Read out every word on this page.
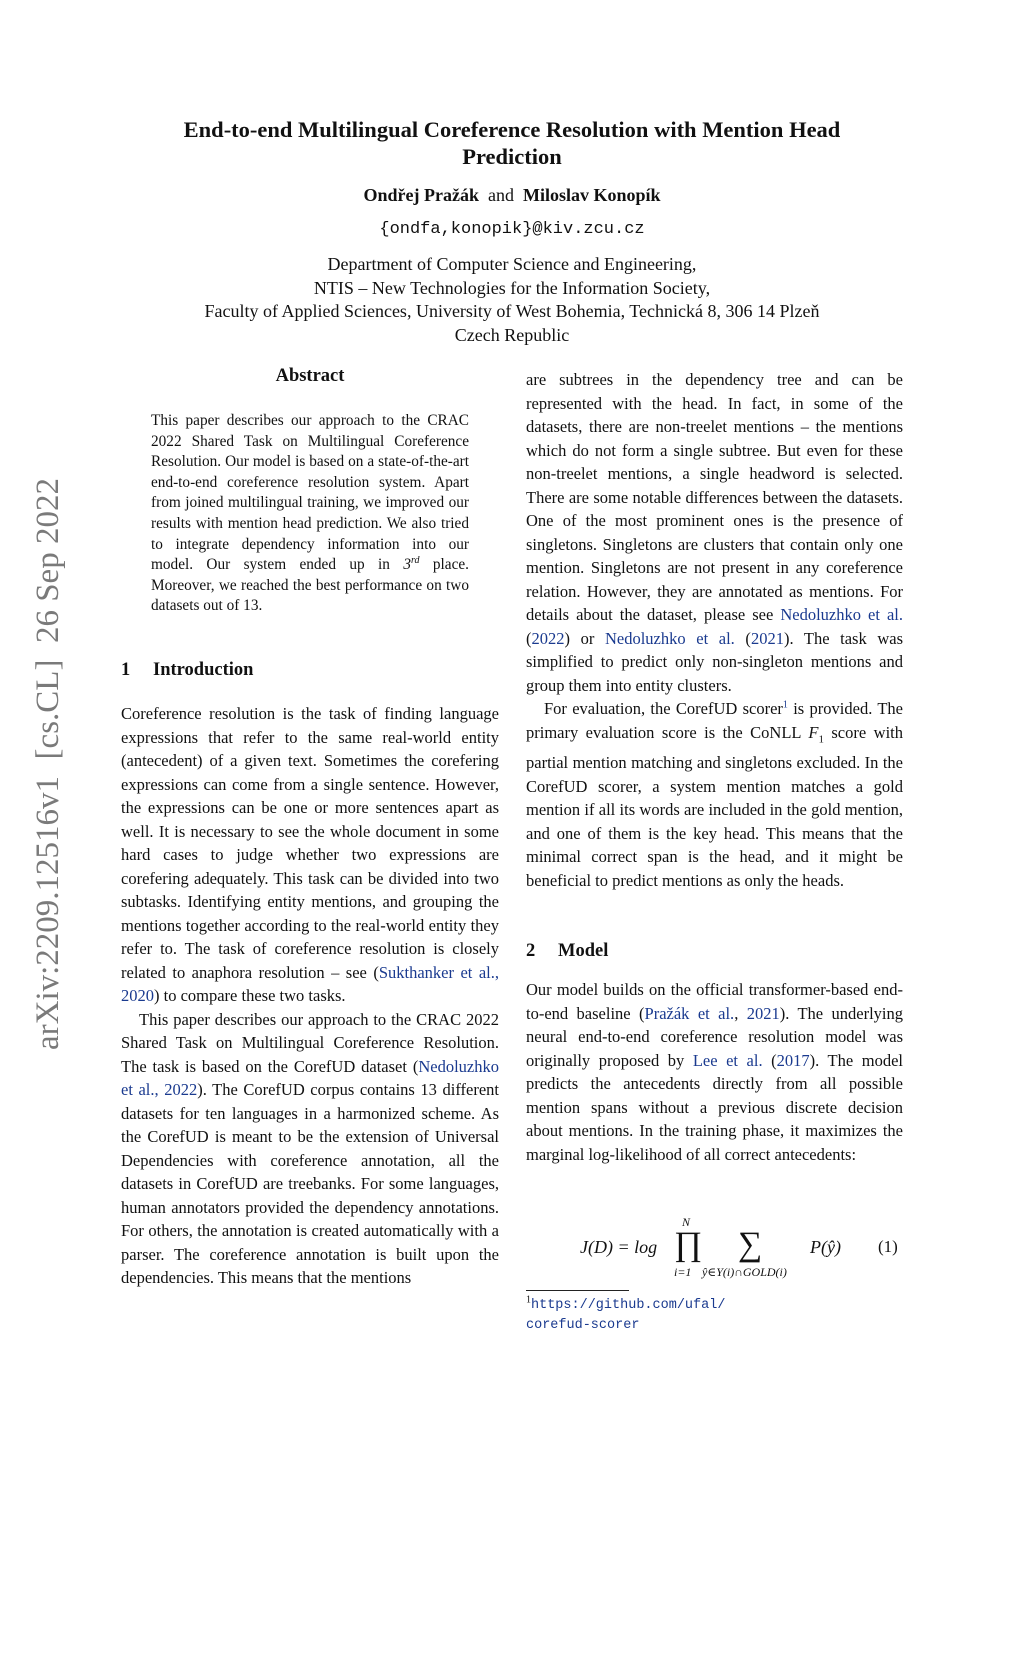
End-to-end Multilingual Coreference Resolution with Mention Head
Prediction
Ondřej Pražák and Miloslav Konopík
{ondfa,konopik}@kiv.zcu.cz
Department of Computer Science and Engineering,
NTIS – New Technologies for the Information Society,
Faculty of Applied Sciences, University of West Bohemia, Technická 8, 306 14 Plzeň
Czech Republic
arXiv:2209.12516v1  [cs.CL]  26 Sep 2022
Abstract
This paper describes our approach to the CRAC 2022 Shared Task on Multilingual Coreference Resolution. Our model is based on a state-of-the-art end-to-end coreference resolution system. Apart from joined multilingual training, we improved our results with mention head prediction. We also tried to integrate dependency information into our model. Our system ended up in 3rd place. Moreover, we reached the best performance on two datasets out of 13.
1 Introduction

Coreference resolution is the task of finding language expressions that refer to the same real-world entity (antecedent) of a given text. Sometimes the corefering expressions can come from a single sentence. However, the expressions can be one or more sentences apart as well. It is necessary to see the whole document in some hard cases to judge whether two expressions are corefering adequately. This task can be divided into two subtasks. Identifying entity mentions, and grouping the mentions together according to the real-world entity they refer to. The task of coreference resolution is closely related to anaphora resolution – see (Sukthanker et al., 2020) to compare these two tasks.

This paper describes our approach to the CRAC 2022 Shared Task on Multilingual Coreference Resolution. The task is based on the CorefUD dataset (Nedoluzhko et al., 2022). The CorefUD corpus contains 13 different datasets for ten languages in a harmonized scheme. As the CorefUD is meant to be the extension of Universal Dependencies with coreference annotation, all the datasets in CorefUD are treebanks. For some languages, human annotators provided the dependency annotations. For others, the annotation is created automatically with a parser. The coreference annotation is built upon the dependencies. This means that the mentions

are subtrees in the dependency tree and can be represented with the head. In fact, in some of the datasets, there are non-treelet mentions – the mentions which do not form a single subtree. But even for these non-treelet mentions, a single headword is selected. There are some notable differences between the datasets. One of the most prominent ones is the presence of singletons. Singletons are clusters that contain only one mention. Singletons are not present in any coreference relation. However, they are annotated as mentions. For details about the dataset, please see Nedoluzhko et al. (2022) or Nedoluzhko et al. (2021). The task was simplified to predict only non-singleton mentions and group them into entity clusters.

For evaluation, the CorefUD scorer$^1$ is provided. The primary evaluation score is the CoNLL $F_1$ score with partial mention matching and singletons excluded. In the CorefUD scorer, a system mention matches a gold mention if all its words are included in the gold mention, and one of them is the key head. This means that the minimal correct span is the head, and it might be beneficial to predict mentions as only the heads.

2 Model

Our model builds on the official transformer-based end-to-end baseline (Pražák et al., 2021). The underlying neural end-to-end coreference resolution model was originally proposed by Lee et al. (2017). The model predicts the antecedents directly from all possible mention spans without a previous discrete decision about mentions. In the training phase, it maximizes the marginal log-likelihood of all correct antecedents:

J(D) = log
N
∏
i=1
∑
ŷ∈Y(i)∩GOLD(i)
P(ŷ) (1)
$^1$https://github.com/ufal/
corefud-scorer
